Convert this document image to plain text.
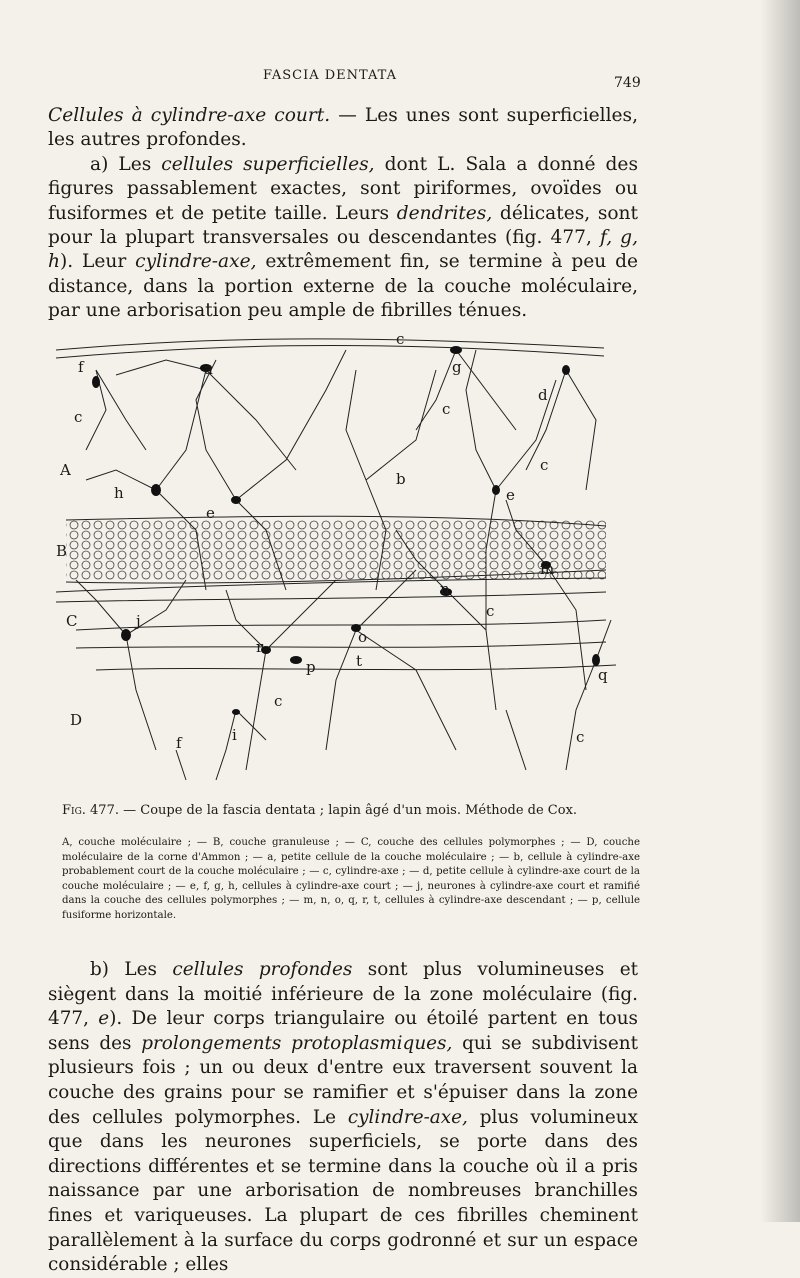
FASCIA DENTATA	749

Cellules à cylindre-axe court. — Les unes sont superficielles, les autres profondes.

a) Les cellules superficielles, dont L. Sala a donné des figures passablement exactes, sont piriformes, ovoïdes ou fusiformes et de petite taille. Leurs dendrites, délicates, sont pour la plupart transversales ou descendantes (fig. 477, f, g, h). Leur cylindre-axe, extrêmement fin, se termine à peu de distance, dans la portion externe de la couche moléculaire, par une arborisation peu ample de fibrilles ténues.

f	a
c
g
d
c
A
h
c
e
b
e
c
B
m
n
c
C	j
r
o
p	q
D
t
i
c
c
f
Fig. 477. — Coupe de la fascia dentata ; lapin âgé d'un mois. Méthode de Cox.

A, couche moléculaire ; — B, couche granuleuse ; — C, couche des cellules polymorphes ; — D, couche moléculaire de la corne d'Ammon ; — a, petite cellule de la couche moléculaire ; — b, cellule à cylindre-axe probablement court de la couche moléculaire ; — c, cylindre-axe ; — d, petite cellule à cylindre-axe court de la couche moléculaire ; — e, f, g, h, cellules à cylindre-axe court ; — j, neurones à cylindre-axe court et ramifié dans la couche des cellules polymorphes ; — m, n, o, q, r, t, cellules à cylindre-axe descendant ; — p, cellule fusiforme horizontale.

b) Les cellules profondes sont plus volumineuses et siègent dans la moitié inférieure de la zone moléculaire (fig. 477, e). De leur corps triangulaire ou étoilé partent en tous sens des prolongements protoplasmiques, qui se subdivisent plusieurs fois ; un ou deux d'entre eux traversent souvent la couche des grains pour se ramifier et s'épuiser dans la zone des cellules polymorphes. Le cylindre-axe, plus volumineux que dans les neurones superficiels, se porte dans des directions différentes et se termine dans la couche où il a pris naissance par une arborisation de nombreuses branchilles fines et variqueuses. La plupart de ces fibrilles cheminent parallèlement à la surface du corps godronné et sur un espace considérable ; elles
